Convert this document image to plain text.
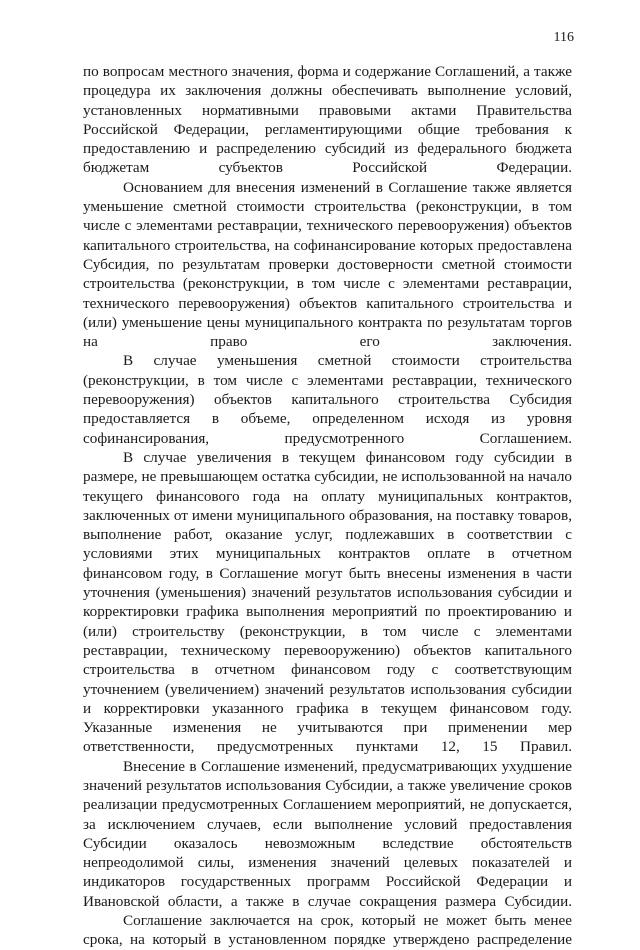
116

по вопросам местного значения, форма и содержание Соглашений, а также
процедура их заключения должны обеспечивать выполнение условий,
установленных нормативными правовыми актами Правительства
Российской Федерации, регламентирующими общие требования к
предоставлению и распределению субсидий из федерального бюджета
бюджетам субъектов Российской Федерации.

Основанием для внесения изменений в Соглашение также является
уменьшение сметной стоимости строительства (реконструкции, в том
числе с элементами реставрации, технического перевооружения) объектов
капитального строительства, на софинансирование которых предоставлена
Субсидия, по результатам проверки достоверности сметной стоимости
строительства (реконструкции, в том числе с элементами реставрации,
технического перевооружения) объектов капитального строительства и
(или) уменьшение цены муниципального контракта по результатам торгов
на право его заключения.

В случае уменьшения сметной стоимости строительства
(реконструкции, в том числе с элементами реставрации, технического
перевооружения) объектов капитального строительства Субсидия
предоставляется в объеме, определенном исходя из уровня
софинансирования, предусмотренного Соглашением.

В случае увеличения в текущем финансовом году субсидии в
размере, не превышающем остатка субсидии, не использованной на начало
текущего финансового года на оплату муниципальных контрактов,
заключенных от имени муниципального образования, на поставку товаров,
выполнение работ, оказание услуг, подлежавших в соответствии с
условиями этих муниципальных контрактов оплате в отчетном
финансовом году, в Соглашение могут быть внесены изменения в части
уточнения (уменьшения) значений результатов использования субсидии и
корректировки графика выполнения мероприятий по проектированию и
(или) строительству (реконструкции, в том числе с элементами
реставрации, техническому перевооружению) объектов капитального
строительства в отчетном финансовом году с соответствующим
уточнением (увеличением) значений результатов использования субсидии
и корректировки указанного графика в текущем финансовом году.
Указанные изменения не учитываются при применении мер
ответственности, предусмотренных пунктами 12, 15 Правил.

Внесение в Соглашение изменений, предусматривающих ухудшение
значений результатов использования Субсидии, а также увеличение сроков
реализации предусмотренных Соглашением мероприятий, не допускается,
за исключением случаев, если выполнение условий предоставления
Субсидии оказалось невозможным вследствие обстоятельств
непреодолимой силы, изменения значений целевых показателей и
индикаторов государственных программ Российской Федерации и
Ивановской области, а также в случае сокращения размера Субсидии.

Соглашение заключается на срок, который не может быть менее
срока, на который в установленном порядке утверждено распределение
